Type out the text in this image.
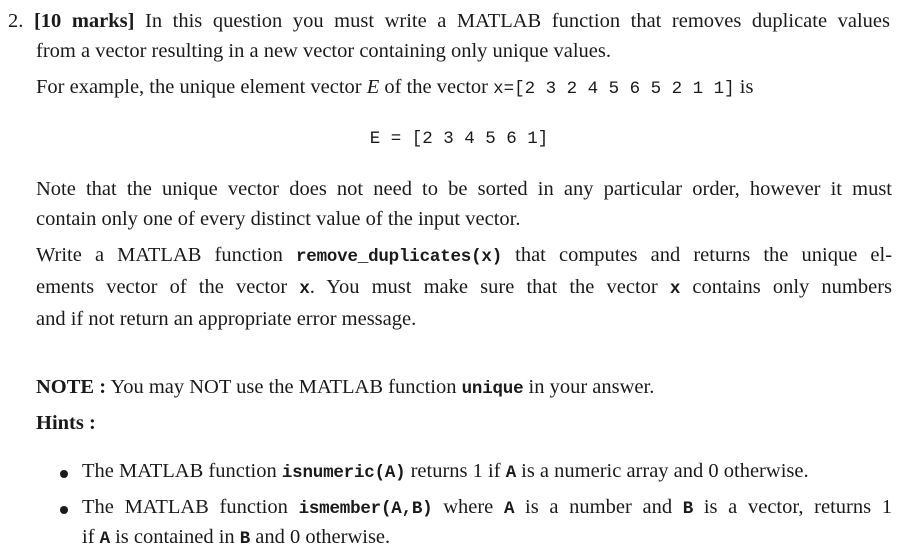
2. [10 marks] In this question you must write a MATLAB function that removes duplicate values
from a vector resulting in a new vector containing only unique values.
For example, the unique element vector E of the vector x=[2 3 2 4 5 6 5 2 1 1] is
E = [2 3 4 5 6 1]
Note that the unique vector does not need to be sorted in any particular order, however it must
contain only one of every distinct value of the input vector.
Write a MATLAB function remove_duplicates(x) that computes and returns the unique el-
ements vector of the vector x. You must make sure that the vector x contains only numbers
and if not return an appropriate error message.
NOTE : You may NOT use the MATLAB function unique in your answer.
Hints :
The MATLAB function isnumeric(A) returns 1 if A is a numeric array and 0 otherwise.
The MATLAB function ismember(A,B) where A is a number and B is a vector, returns 1
if A is contained in B and 0 otherwise.
